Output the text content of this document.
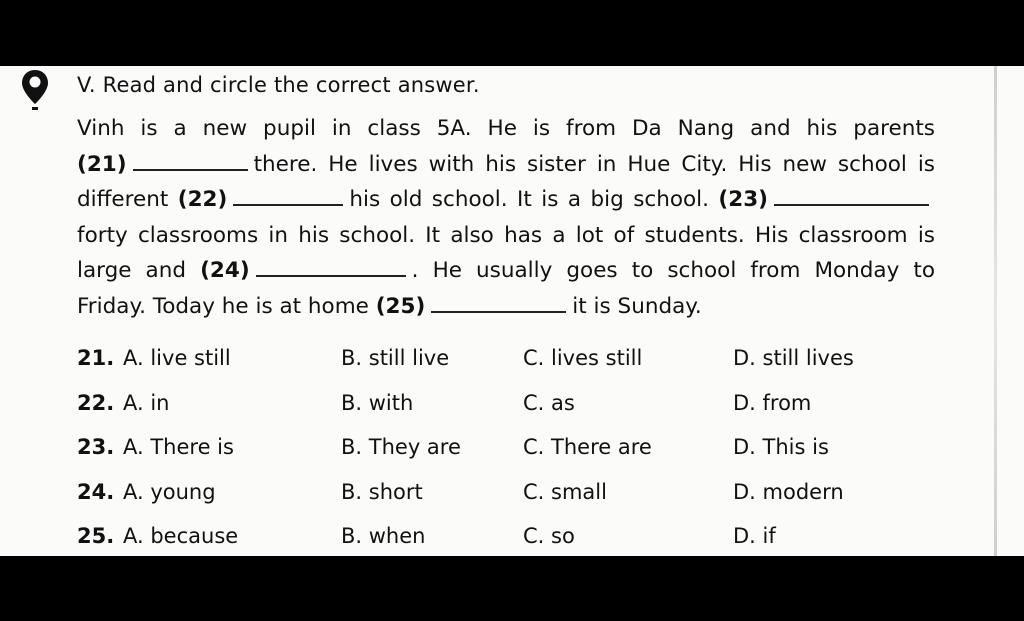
V. Read and circle the correct answer.
Vinh is a new pupil in class 5A. He is from Da Nang and his parents
(21)	there. He lives with his sister in Hue City. His new school is
different (22)	his old school. It is a big school. (23)
forty classrooms in his school. It also has a lot of students. His classroom is
large and (24)	. He usually goes to school from Monday to
Friday. Today he is at home (25)	it is Sunday.
21. A. live still	B. still live	C. lives still	D. still lives
22. A. in	B. with	C. as	D. from
23. A. There is	B. They are	C. There are	D. This is
24. A. young	B. short	C. small	D. modern
25. A. because	B. when	C. so	D. if
